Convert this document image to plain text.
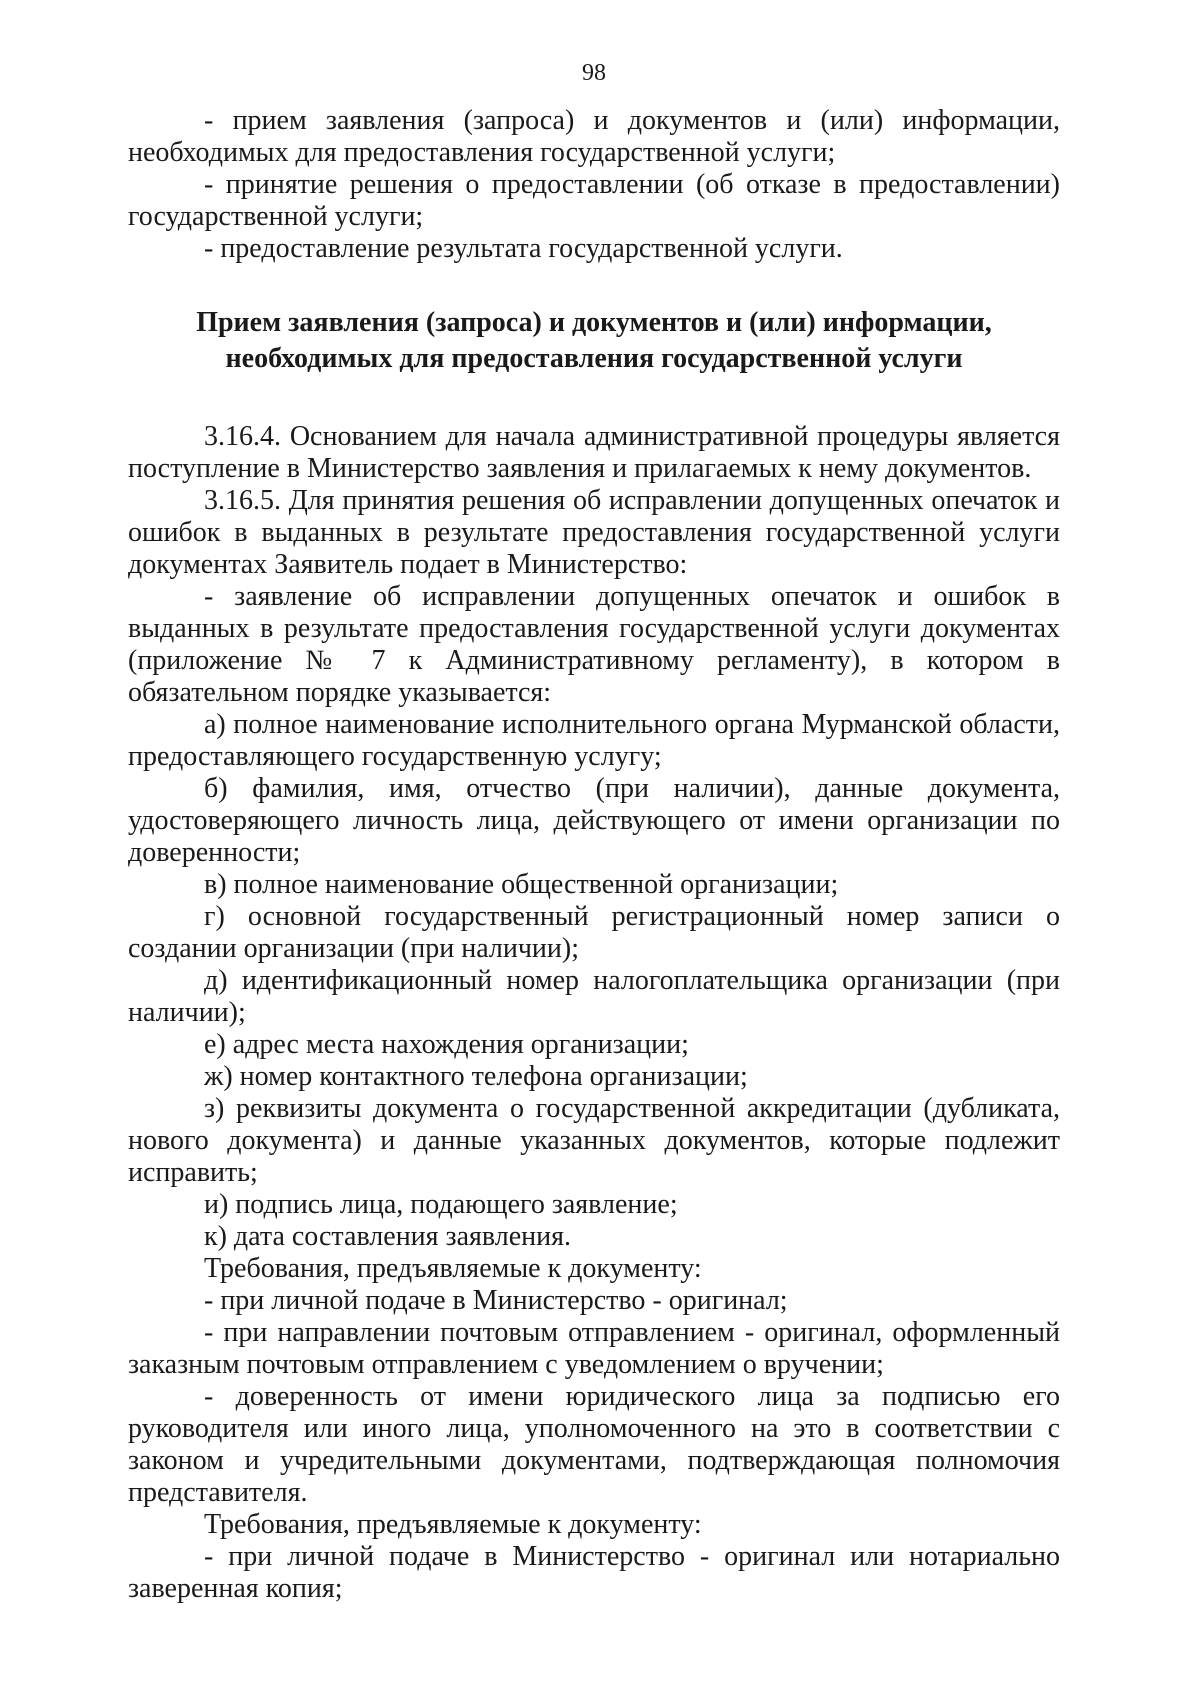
98

- прием заявления (запроса) и документов и (или) информации, необходимых для предоставления государственной услуги;

- принятие решения о предоставлении (об отказе в предоставлении) государственной услуги;

- предоставление результата государственной услуги.

Прием заявления (запроса) и документов и (или) информации,
необходимых для предоставления государственной услуги

3.16.4. Основанием для начала административной процедуры является поступление в Министерство заявления и прилагаемых к нему документов.

3.16.5. Для принятия решения об исправлении допущенных опечаток и ошибок в выданных в результате предоставления государственной услуги документах Заявитель подает в Министерство:

- заявление об исправлении допущенных опечаток и ошибок в выданных в результате предоставления государственной услуги документах (приложение № 7 к Административному регламенту), в котором в обязательном порядке указывается:

а) полное наименование исполнительного органа Мурманской области, предоставляющего государственную услугу;

б) фамилия, имя, отчество (при наличии), данные документа, удостоверяющего личность лица, действующего от имени организации по доверенности;

в) полное наименование общественной организации;

г) основной государственный регистрационный номер записи о создании организации (при наличии);

д) идентификационный номер налогоплательщика организации (при наличии);

е) адрес места нахождения организации;

ж) номер контактного телефона организации;

з) реквизиты документа о государственной аккредитации (дубликата, нового документа) и данные указанных документов, которые подлежит исправить;

и) подпись лица, подающего заявление;

к) дата составления заявления.

Требования, предъявляемые к документу:

- при личной подаче в Министерство - оригинал;

- при направлении почтовым отправлением - оригинал, оформленный заказным почтовым отправлением с уведомлением о вручении;

- доверенность от имени юридического лица за подписью его руководителя или иного лица, уполномоченного на это в соответствии с законом и учредительными документами, подтверждающая полномочия представителя.

Требования, предъявляемые к документу:

- при личной подаче в Министерство - оригинал или нотариально заверенная копия;
